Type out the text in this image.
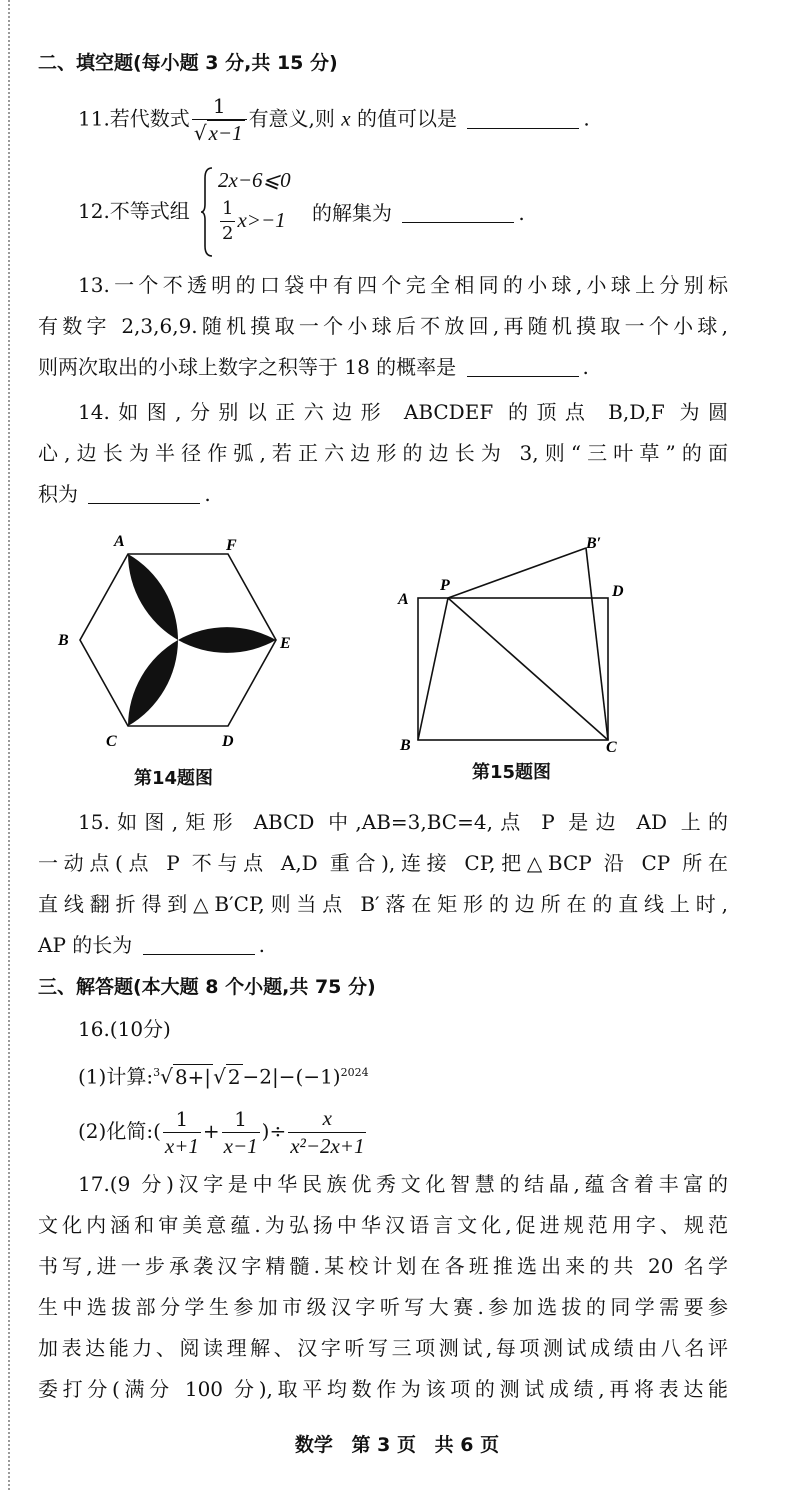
二、填空题(每小题 3 分,共 15 分)
11.若代数式 $\frac{1}{√x-1}$ 有意义,则 x 的值可以是	.
12.不等式组
2x−6⩽0
$\frac{1}{2} x>-1$ 的解集为	.
13.一个不透明的口袋中有四个完全相同的小球,小球上分别标
有数字 2,3,6,9.随机摸取一个小球后不放回,再随机摸取一个小球,
则两次取出的小球上数字之积等于 18 的概率是	.
14.如图,分别以正六边形 ABCDEF 的顶点 B,D,F 为圆
心,边长为半径作弧,若正六边形的边长为 3,则“三叶草”的面
积为	.
A	F
B	E
C	D
第14题图
A
P
B′
D
B	C
第15题图
15.如图,矩形 ABCD 中,AB=3,BC=4,点 P 是边 AD 上的
一动点(点 P 不与点 A,D 重合),连接 CP,把△BCP 沿 CP 所在
直线翻折得到△B′CP,则当点 B′落在矩形的边所在的直线上时,
AP 的长为	.
三、解答题(本大题 8 个小题,共 75 分)
16.(10分)
(1)计算:$^3$√ 8+| √ $2 -2|-(-1)^{2024}$
(2)化简:( $\frac{1}{x+1} + \frac{1}{x-1}$ )÷ $\frac{x}{\text{x²−2x+1}}$
17.(9 分)汉字是中华民族优秀文化智慧的结晶,蕴含着丰富的
文化内涵和审美意蕴.为弘扬中华汉语言文化,促进规范用字、规范
书写,进一步承袭汉字精髓.某校计划在各班推选出来的共 20 名学
生中选拔部分学生参加市级汉字听写大赛.参加选拔的同学需要参
加表达能力、阅读理解、汉字听写三项测试,每项测试成绩由八名评
委打分(满分 100 分),取平均数作为该项的测试成绩,再将表达能
数学 第 3 页 共 6 页
